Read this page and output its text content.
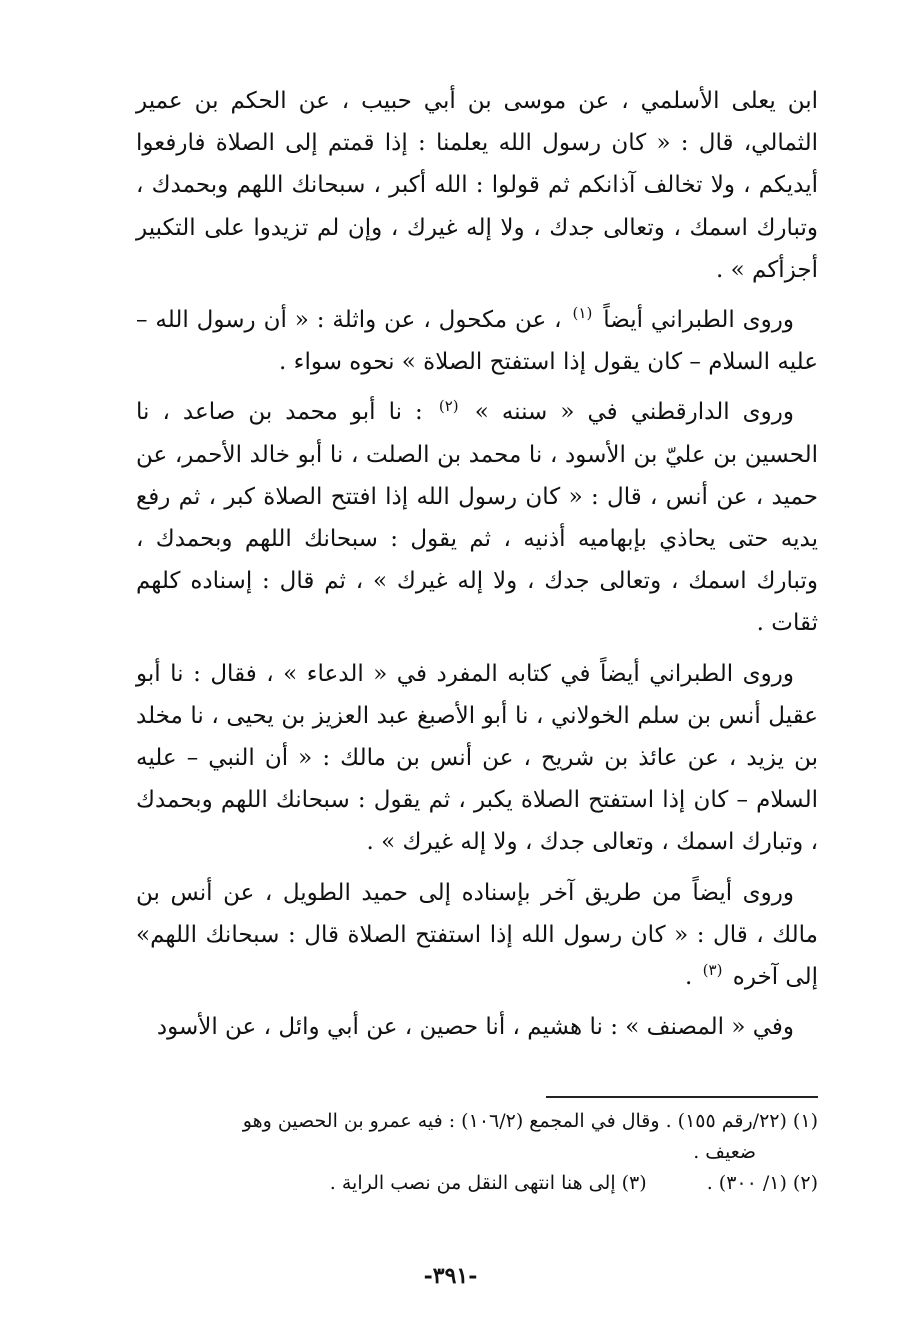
ابن يعلى الأسلمي ، عن موسى بن أبي حبيب ، عن الحكم بن عمير الثمالي، قال : « كان رسول الله يعلمنا : إذا قمتم إلى الصلاة فارفعوا أيديكم ، ولا تخالف آذانكم ثم قولوا : الله أكبر ، سبحانك اللهم وبحمدك ، وتبارك اسمك ، وتعالى جدك ، ولا إله غيرك ، وإن لم تزيدوا على التكبير أجزأكم » .

وروى الطبراني أيضاً $^{(١)}$ ، عن مكحول ، عن واثلة : « أن رسول الله – عليه السلام – كان يقول إذا استفتح الصلاة » نحوه سواء .

وروى الدارقطني في « سننه » $^{(٢)}$ : نا أبو محمد بن صاعد ، نا الحسين بن عليّ بن الأسود ، نا محمد بن الصلت ، نا أبو خالد الأحمر، عن حميد ، عن أنس ، قال : « كان رسول الله إذا افتتح الصلاة كبر ، ثم رفع يديه حتى يحاذي بإبهاميه أذنيه ، ثم يقول : سبحانك اللهم وبحمدك ، وتبارك اسمك ، وتعالى جدك ، ولا إله غيرك » ، ثم قال : إسناده كلهم ثقات .

وروى الطبراني أيضاً في كتابه المفرد في « الدعاء » ، فقال : نا أبو عقيل أنس بن سلم الخولاني ، نا أبو الأصبغ عبد العزيز بن يحيى ، نا مخلد بن يزيد ، عن عائذ بن شريح ، عن أنس بن مالك : « أن النبي – عليه السلام – كان إذا استفتح الصلاة يكبر ، ثم يقول : سبحانك اللهم وبحمدك ، وتبارك اسمك ، وتعالى جدك ، ولا إله غيرك » .

وروى أيضاً من طريق آخر بإسناده إلى حميد الطويل ، عن أنس بن مالك ، قال : « كان رسول الله إذا استفتح الصلاة قال : سبحانك اللهم» إلى آخره $^{(٣)}$ .

وفي « المصنف » : نا هشيم ، أنا حصين ، عن أبي وائل ، عن الأسود

(١) (٢٢/رقم ١٥٥) . وقال في المجمع (١٠٦/٢) : فيه عمرو بن الحصين وهو
ضعيف .
(٢) (١/ ٣٠٠) .(٣) إلى هنا انتهى النقل من نصب الراية .
-٣٩١-
